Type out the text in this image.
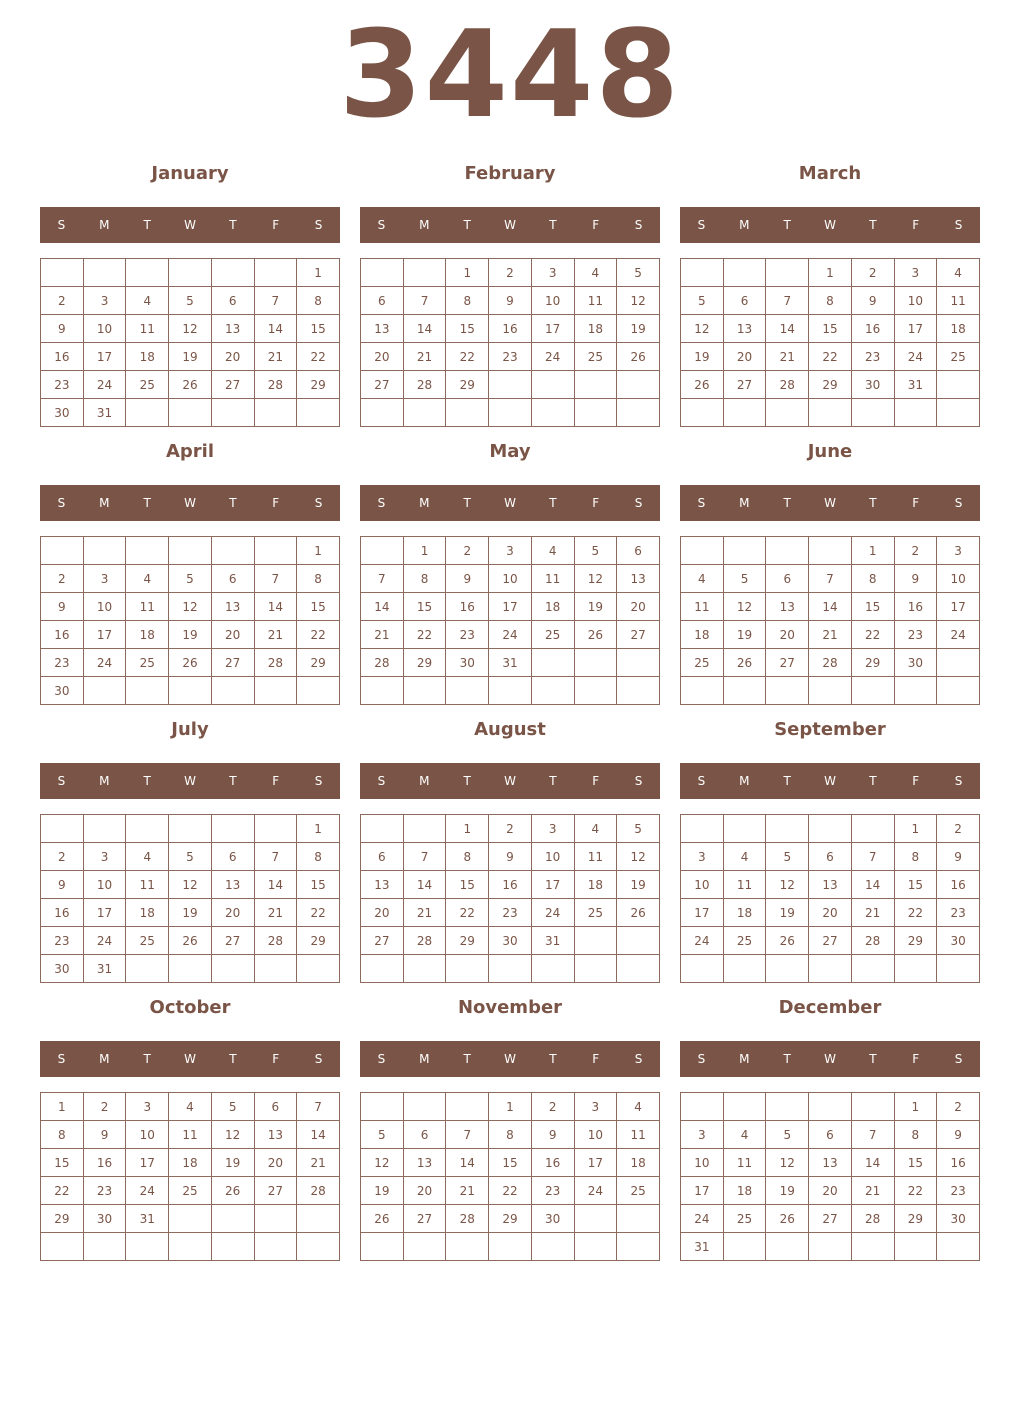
3448
January
S	M	T	W	T	F	S
						1
2	3	4	5	6	7	8
9	10	11	12	13	14	15
16	17	18	19	20	21	22
23	24	25	26	27	28	29
30	31					
February
S	M	T	W	T	F	S
		1	2	3	4	5
6	7	8	9	10	11	12
13	14	15	16	17	18	19
20	21	22	23	24	25	26
27	28	29				

March
S	M	T	W	T	F	S
			1	2	3	4
5	6	7	8	9	10	11
12	13	14	15	16	17	18
19	20	21	22	23	24	25
26	27	28	29	30	31	

April
S	M	T	W	T	F	S
						1
2	3	4	5	6	7	8
9	10	11	12	13	14	15
16	17	18	19	20	21	22
23	24	25	26	27	28	29
30						
May
S	M	T	W	T	F	S
	1	2	3	4	5	6
7	8	9	10	11	12	13
14	15	16	17	18	19	20
21	22	23	24	25	26	27
28	29	30	31			

June
S	M	T	W	T	F	S
				1	2	3
4	5	6	7	8	9	10
11	12	13	14	15	16	17
18	19	20	21	22	23	24
25	26	27	28	29	30	

July
S	M	T	W	T	F	S
						1
2	3	4	5	6	7	8
9	10	11	12	13	14	15
16	17	18	19	20	21	22
23	24	25	26	27	28	29
30	31					
August
S	M	T	W	T	F	S
		1	2	3	4	5
6	7	8	9	10	11	12
13	14	15	16	17	18	19
20	21	22	23	24	25	26
27	28	29	30	31		

September
S	M	T	W	T	F	S
					1	2
3	4	5	6	7	8	9
10	11	12	13	14	15	16
17	18	19	20	21	22	23
24	25	26	27	28	29	30

October
S	M	T	W	T	F	S
1	2	3	4	5	6	7
8	9	10	11	12	13	14
15	16	17	18	19	20	21
22	23	24	25	26	27	28
29	30	31				

November
S	M	T	W	T	F	S
			1	2	3	4
5	6	7	8	9	10	11
12	13	14	15	16	17	18
19	20	21	22	23	24	25
26	27	28	29	30		

December
S	M	T	W	T	F	S
					1	2
3	4	5	6	7	8	9
10	11	12	13	14	15	16
17	18	19	20	21	22	23
24	25	26	27	28	29	30
31						
